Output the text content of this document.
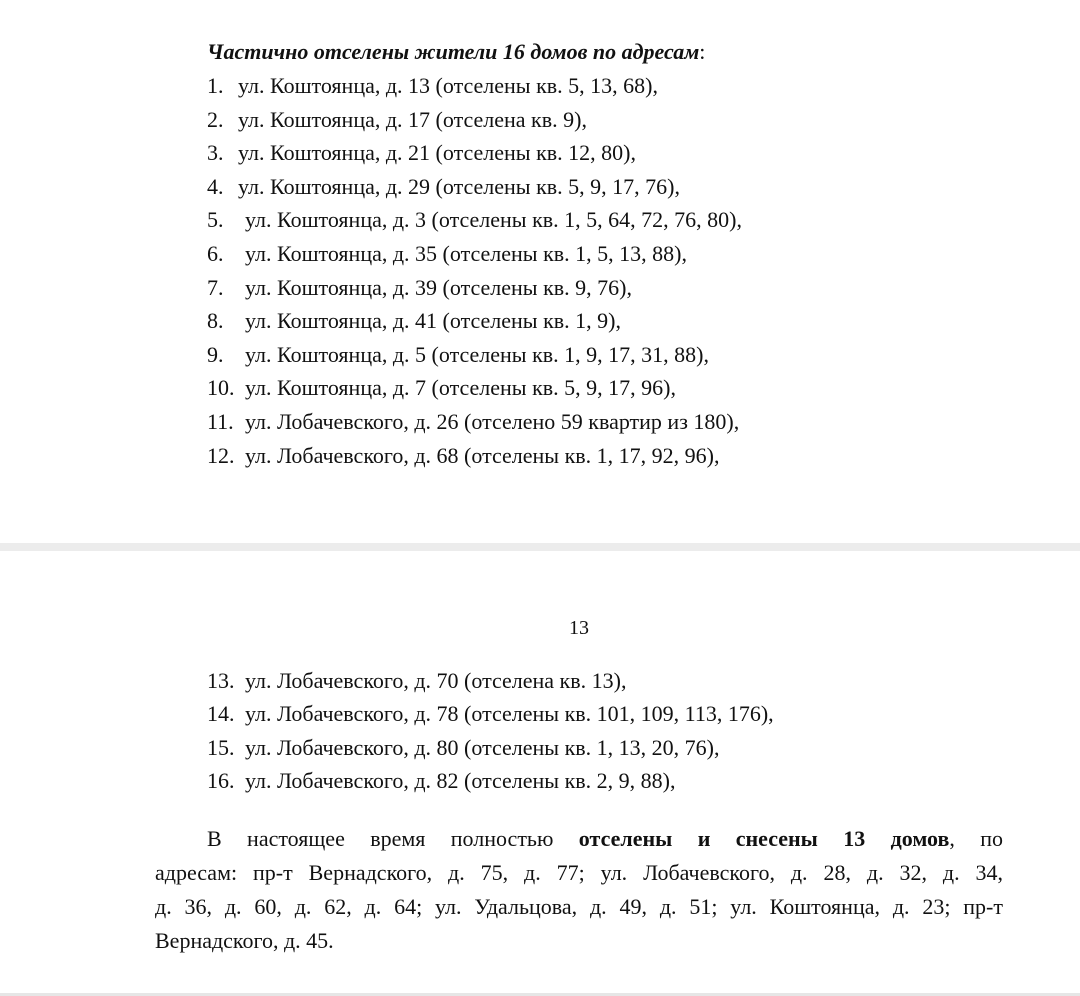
Частично отселены жители 16 домов по адресам:
1. ул. Коштоянца, д. 13 (отселены кв. 5, 13, 68),
2. ул. Коштоянца, д. 17 (отселена кв. 9),
3. ул. Коштоянца, д. 21 (отселены кв. 12, 80),
4. ул. Коштоянца, д. 29 (отселены кв. 5, 9, 17, 76),
5. ул. Коштоянца, д. 3 (отселены кв. 1, 5, 64, 72, 76, 80),
6. ул. Коштоянца, д. 35 (отселены кв. 1, 5, 13, 88),
7. ул. Коштоянца, д. 39 (отселены кв. 9, 76),
8. ул. Коштоянца, д. 41 (отселены кв. 1, 9),
9. ул. Коштоянца, д. 5 (отселены кв. 1, 9, 17, 31, 88),
10. ул. Коштоянца, д. 7 (отселены кв. 5, 9, 17, 96),
11. ул. Лобачевского, д. 26 (отселено 59 квартир из 180),
12. ул. Лобачевского, д. 68 (отселены кв. 1, 17, 92, 96),
13
13. ул. Лобачевского, д. 70 (отселена кв. 13),
14. ул. Лобачевского, д. 78 (отселены кв. 101, 109, 113, 176),
15. ул. Лобачевского, д. 80 (отселены кв. 1, 13, 20, 76),
16. ул. Лобачевского, д. 82 (отселены кв. 2, 9, 88),
В настоящее время полностью отселены и снесены 13 домов, по
адресам: пр-т Вернадского, д. 75, д. 77; ул. Лобачевского, д. 28, д. 32, д. 34,
д. 36, д. 60, д. 62, д. 64; ул. Удальцова, д. 49, д. 51; ул. Коштоянца, д. 23; пр-т
Вернадского, д. 45.
